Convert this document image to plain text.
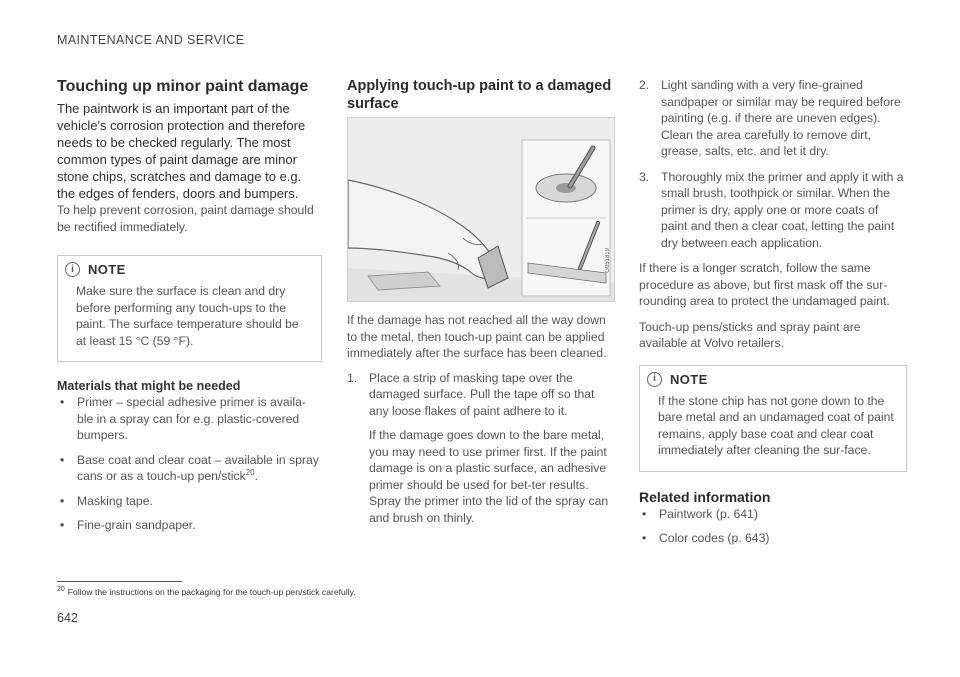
MAINTENANCE AND SERVICE
Touching up minor paint damage

The paintwork is an important part of the vehicle's corrosion protection and therefore needs to be checked regularly. The most common types of paint damage are minor stone chips, scratches and damage to e.g. the edges of fenders, doors and bumpers.

To help prevent corrosion, paint damage should be rectified immediately.

i	NOTE
Make sure the surface is clean and dry before performing any touch-ups to the paint. The surface temperature should be at least 15 °C (59 °F).
Materials that might be needed
• Primer – special adhesive primer is availa-ble in a spray can for e.g. plastic-covered bumpers.
• Base coat and clear coat – available in spray cans or as a touch-up pen/stick$^{20}$.
• Masking tape.
• Fine-grain sandpaper.
Applying touch-up paint to a damaged surface
G051819

If the damage has not reached all the way down to the metal, then touch-up paint can be applied immediately after the surface has been cleaned.

1. Place a strip of masking tape over the damaged surface. Pull the tape off so that any loose flakes of paint adhere to it.
If the damage goes down to the bare metal, you may need to use primer first. If the paint damage is on a plastic surface, an adhesive primer should be used for bet-ter results. Spray the primer into the lid of the spray can and brush on thinly.
2. Light sanding with a very fine-grained sandpaper or similar may be required before painting (e.g. if there are uneven edges). Clean the area carefully to remove dirt, grease, salts, etc. and let it dry.
3. Thoroughly mix the primer and apply it with a small brush, toothpick or similar. When the primer is dry, apply one or more coats of paint and then a clear coat, letting the paint dry between each application.

If there is a longer scratch, follow the same procedure as above, but first mask off the sur-rounding area to protect the undamaged paint.

Touch-up pens/sticks and spray paint are available at Volvo retailers.

i	NOTE
If the stone chip has not gone down to the bare metal and an undamaged coat of paint remains, apply base coat and clear coat immediately after cleaning the sur-face.
Related information
• Paintwork (p. 641)
• Color codes (p. 643)
$^{20}$ Follow the instructions on the packaging for the touch-up pen/stick carefully.
642
